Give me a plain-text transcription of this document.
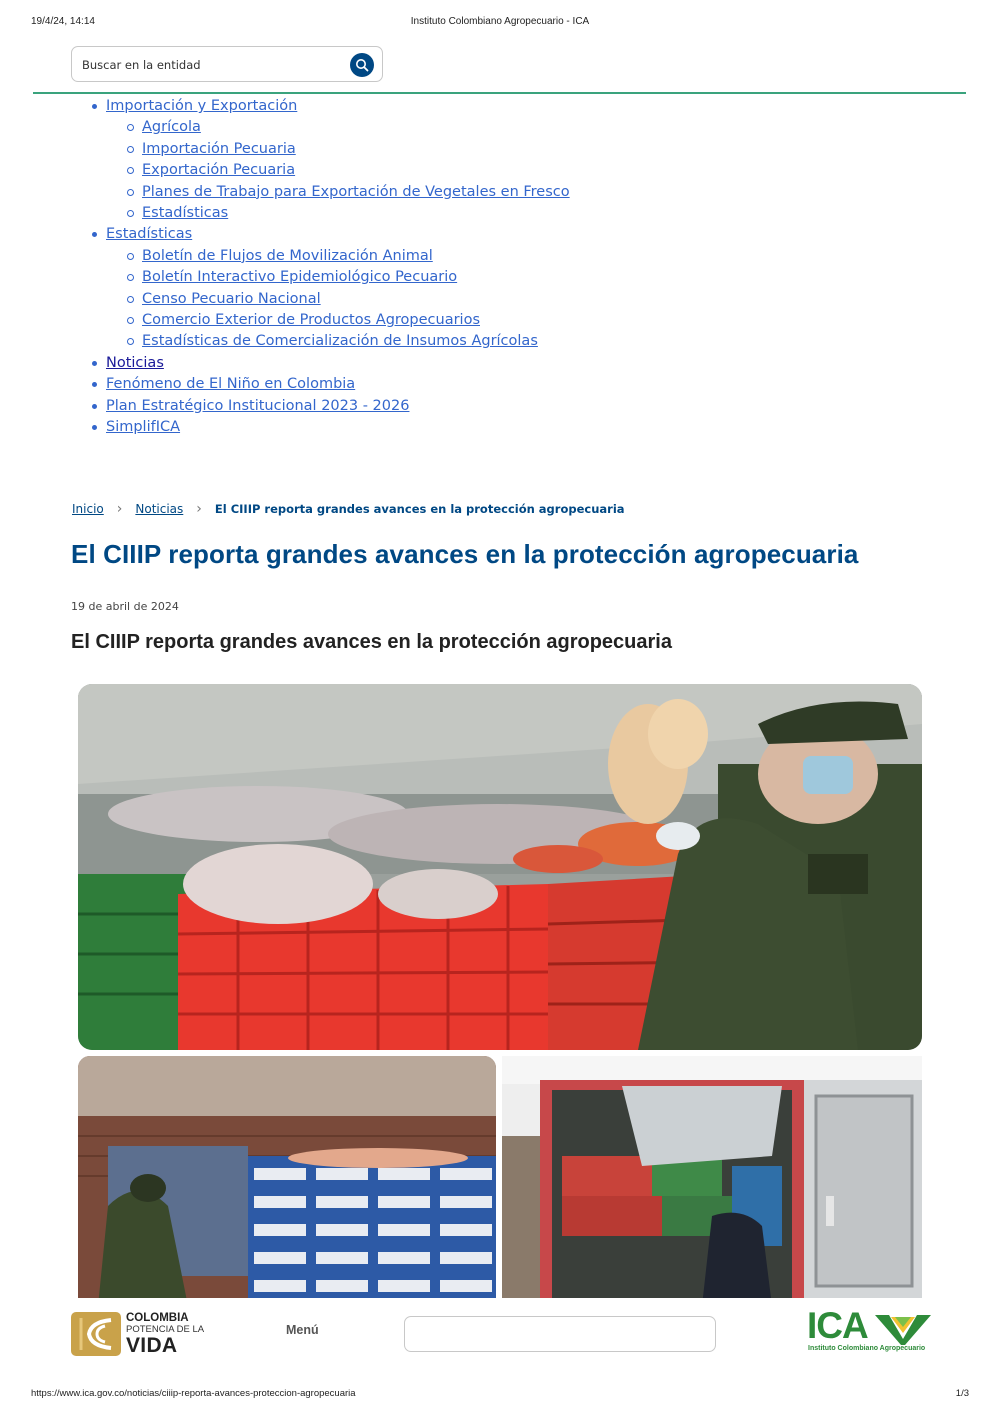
19/4/24, 14:14	Instituto Colombiano Agropecuario - ICA
Buscar en la entidad
Importación y Exportación
Agrícola
Importación Pecuaria
Exportación Pecuaria
Planes de Trabajo para Exportación de Vegetales en Fresco
Estadísticas
Estadísticas
Boletín de Flujos de Movilización Animal
Boletín Interactivo Epidemiológico Pecuario
Censo Pecuario Nacional
Comercio Exterior de Productos Agropecuarios
Estadísticas de Comercialización de Insumos Agrícolas
Noticias
Fenómeno de El Niño en Colombia
Plan Estratégico Institucional 2023 - 2026
SimplifICA
Inicio › Noticias › El CIIIP reporta grandes avances en la protección agropecuaria
El CIIIP reporta grandes avances en la protección agropecuaria
19 de abril de 2024
El CIIIP reporta grandes avances en la protección agropecuaria
COLOMBIA
POTENCIA DE LA
VIDA
Menú	ICA
Instituto Colombiano Agropecuario
https://www.ica.gov.co/noticias/ciiip-reporta-avances-proteccion-agropecuaria	1/3
